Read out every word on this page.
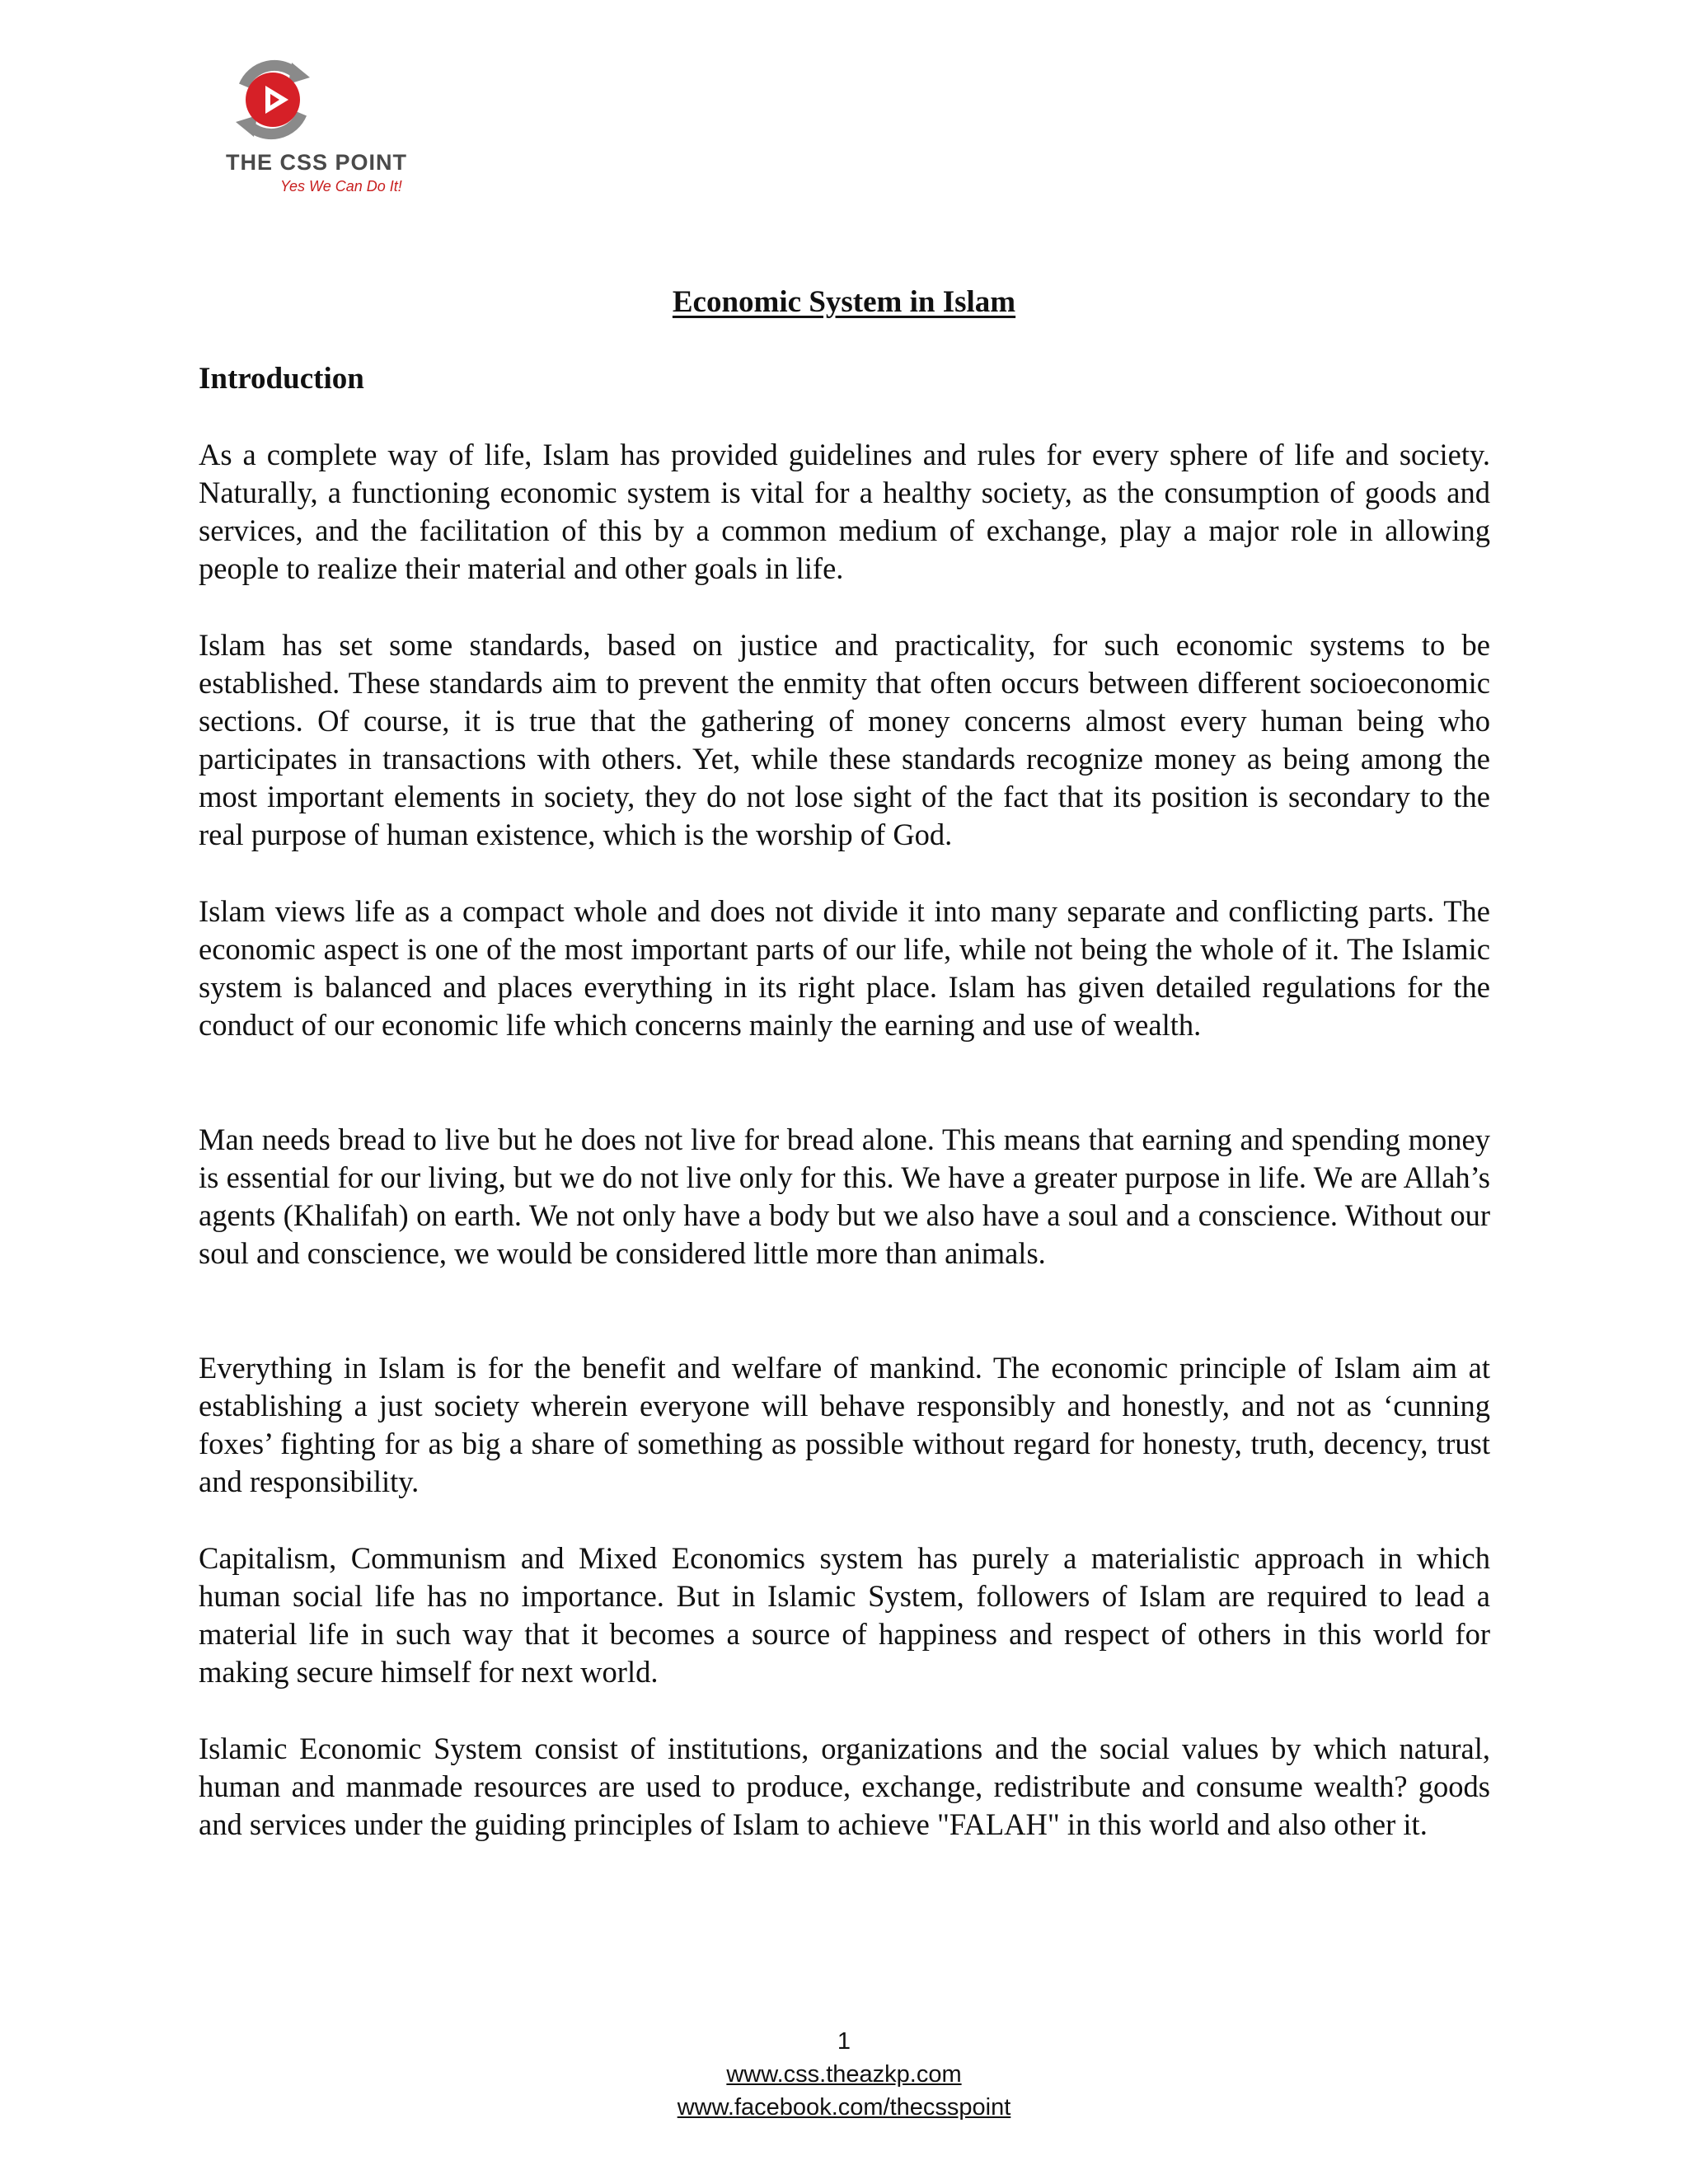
THE CSS POINT
Yes We Can Do It!
Economic System in Islam
Introduction

As a complete way of life, Islam has provided guidelines and rules for every sphere of life and society. Naturally, a functioning economic system is vital for a healthy society, as the consumption of goods and services, and the facilitation of this by a common medium of exchange, play a major role in allowing people to realize their material and other goals in life.

Islam has set some standards, based on justice and practicality, for such economic systems to be established. These standards aim to prevent the enmity that often occurs between different socioeconomic sections. Of course, it is true that the gathering of money concerns almost every human being who participates in transactions with others. Yet, while these standards recognize money as being among the most important elements in society, they do not lose sight of the fact that its position is secondary to the real purpose of human existence, which is the worship of God.

Islam views life as a compact whole and does not divide it into many separate and conflicting parts. The economic aspect is one of the most important parts of our life, while not being the whole of it. The Islamic system is balanced and places everything in its right place. Islam has given detailed regulations for the conduct of our economic life which concerns mainly the earning and use of wealth.

Man needs bread to live but he does not live for bread alone. This means that earning and spending money is essential for our living, but we do not live only for this. We have a greater purpose in life. We are Allah’s agents (Khalifah) on earth. We not only have a body but we also have a soul and a conscience. Without our soul and conscience, we would be considered little more than animals.

Everything in Islam is for the benefit and welfare of mankind. The economic principle of Islam aim at establishing a just society wherein everyone will behave responsibly and honestly, and not as ‘cunning foxes’ fighting for as big a share of something as possible without regard for honesty, truth, decency, trust and responsibility.

Capitalism, Communism and Mixed Economics system has purely a materialistic approach in which human social life has no importance. But in Islamic System, followers of Islam are required to lead a material life in such way that it becomes a source of happiness and respect of others in this world for making secure himself for next world.

Islamic Economic System consist of institutions, organizations and the social values by which natural, human and manmade resources are used to produce, exchange, redistribute and consume wealth? goods and services under the guiding principles of Islam to achieve "FALAH" in this world and also other it.

1
www.css.theazkp.com
www.facebook.com/thecsspoint
